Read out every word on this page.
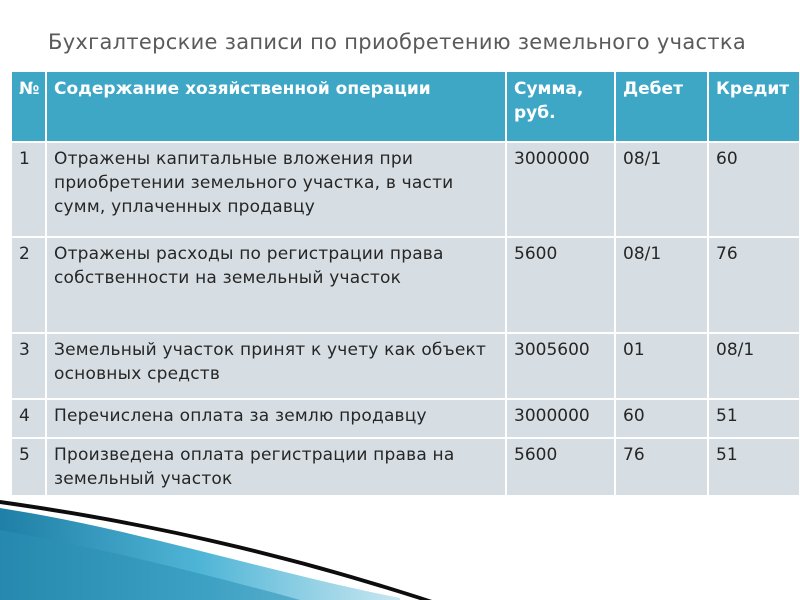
Бухгалтерские записи по приобретению земельного участка
№	Содержание хозяйственной операции	Сумма, руб.	Дебет	Кредит
1	Отражены капитальные вложения при приобретении земельного участка, в части сумм, уплаченных продавцу	3000000	08/1	60
2	Отражены расходы по регистрации права собственности на земельный участок	5600	08/1	76
3	Земельный участок принят к учету как объект основных средств	3005600	01	08/1
4	Перечислена оплата за землю продавцу	3000000	60	51
5	Произведена оплата регистрации права на земельный участок	5600	76	51
